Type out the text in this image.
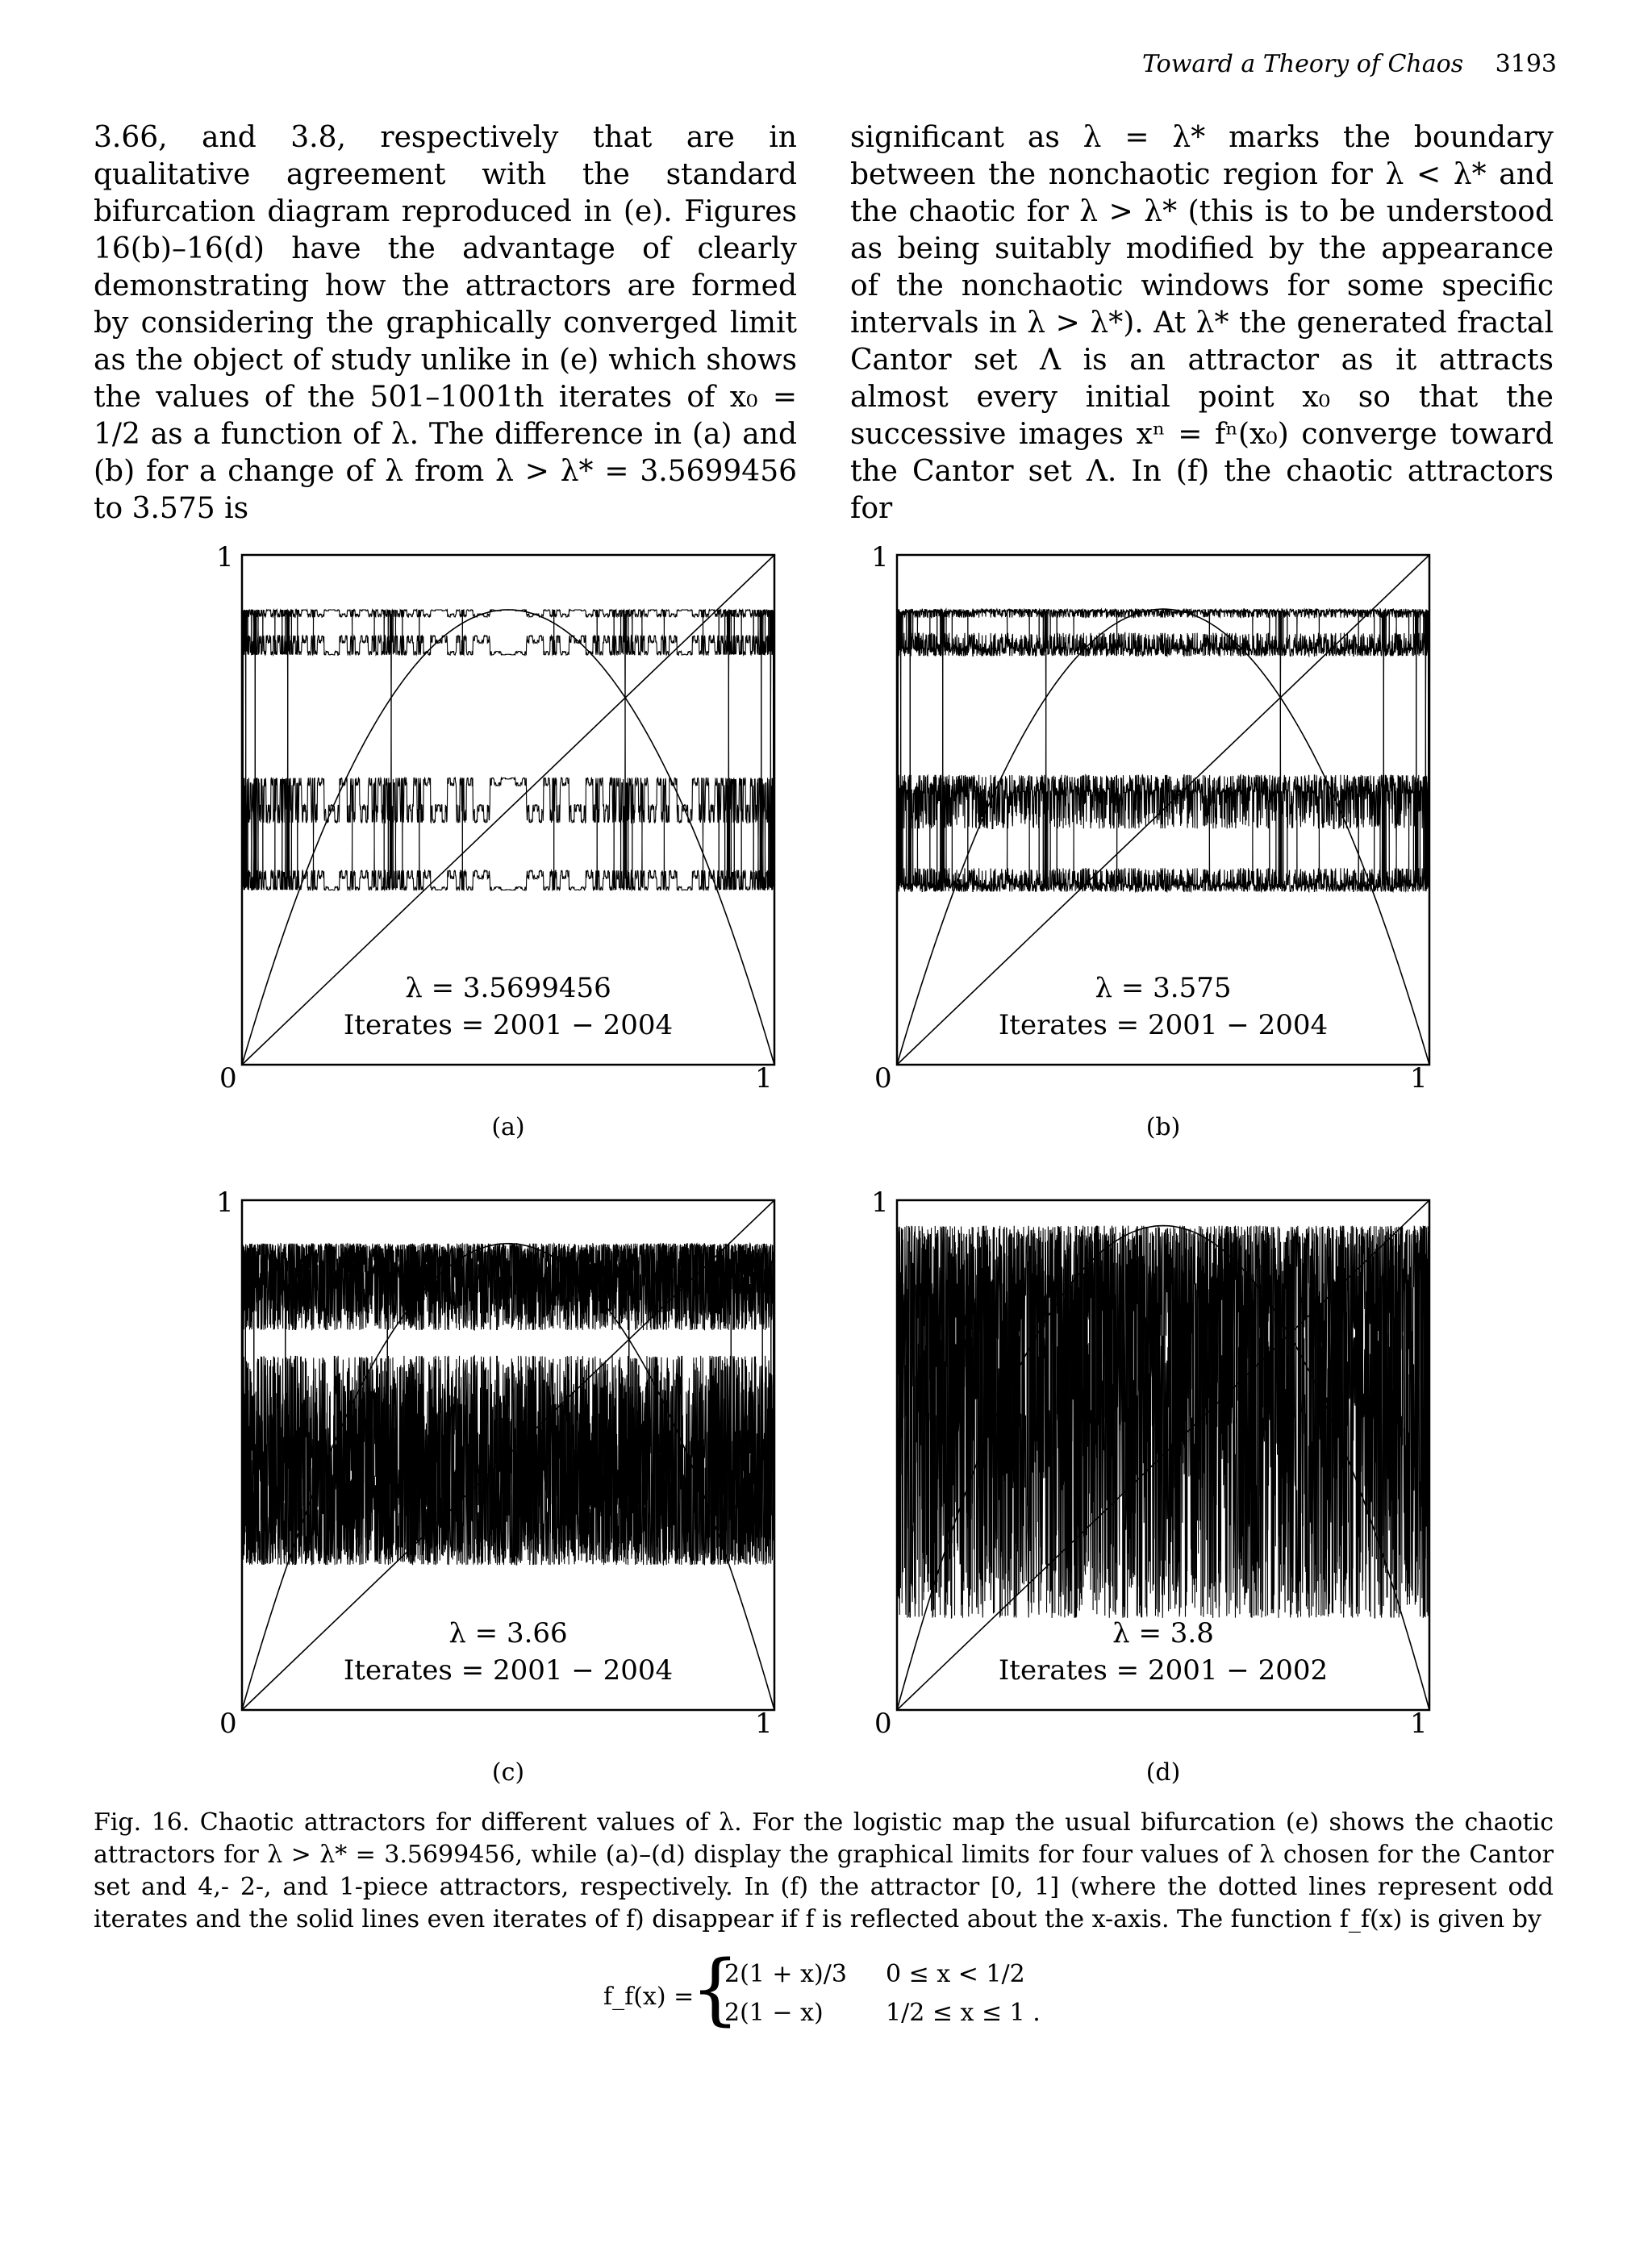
Toward a Theory of Chaos 3193

3.66, and 3.8, respectively that are in qualitative agreement with the standard bifurcation diagram reproduced in (e). Figures 16(b)–16(d) have the advantage of clearly demonstrating how the attractors are formed by considering the graphically converged limit as the object of study unlike in (e) which shows the values of the 501–1001th iterates of x₀ = 1/2 as a function of λ. The difference in (a) and (b) for a change of λ from λ > λ* = 3.5699456 to 3.575 is

significant as λ = λ* marks the boundary between the nonchaotic region for λ < λ* and the chaotic for λ > λ* (this is to be understood as being suitably modified by the appearance of the nonchaotic windows for some specific intervals in λ > λ*). At λ* the generated fractal Cantor set Λ is an attractor as it attracts almost every initial point x₀ so that the successive images xⁿ = fⁿ(x₀) converge toward the Cantor set Λ. In (f) the chaotic attractors for

1
0	1
λ = 3.5699456
Iterates = 2001 − 2004
(a)
1
0	1
λ = 3.575
Iterates = 2001 − 2004
(b)
1
0	1
λ = 3.66
Iterates = 2001 − 2004
(c)
1
0	1
λ = 3.8
Iterates = 2001 − 2002
(d)
Fig. 16. Chaotic attractors for different values of λ. For the logistic map the usual bifurcation (e) shows the chaotic attractors for λ > λ* = 3.5699456, while (a)–(d) display the graphical limits for four values of λ chosen for the Cantor set and 4,- 2-, and 1-piece attractors, respectively. In (f) the attractor [0, 1] (where the dotted lines represent odd iterates and the solid lines even iterates of f) disappear if f is reflected about the x-axis. The function f_f(x) is given by
f_f(x) =
{
2(1 + x)/3 0 ≤ x < 1/2
2(1 − x)	1/2 ≤ x ≤ 1 .
